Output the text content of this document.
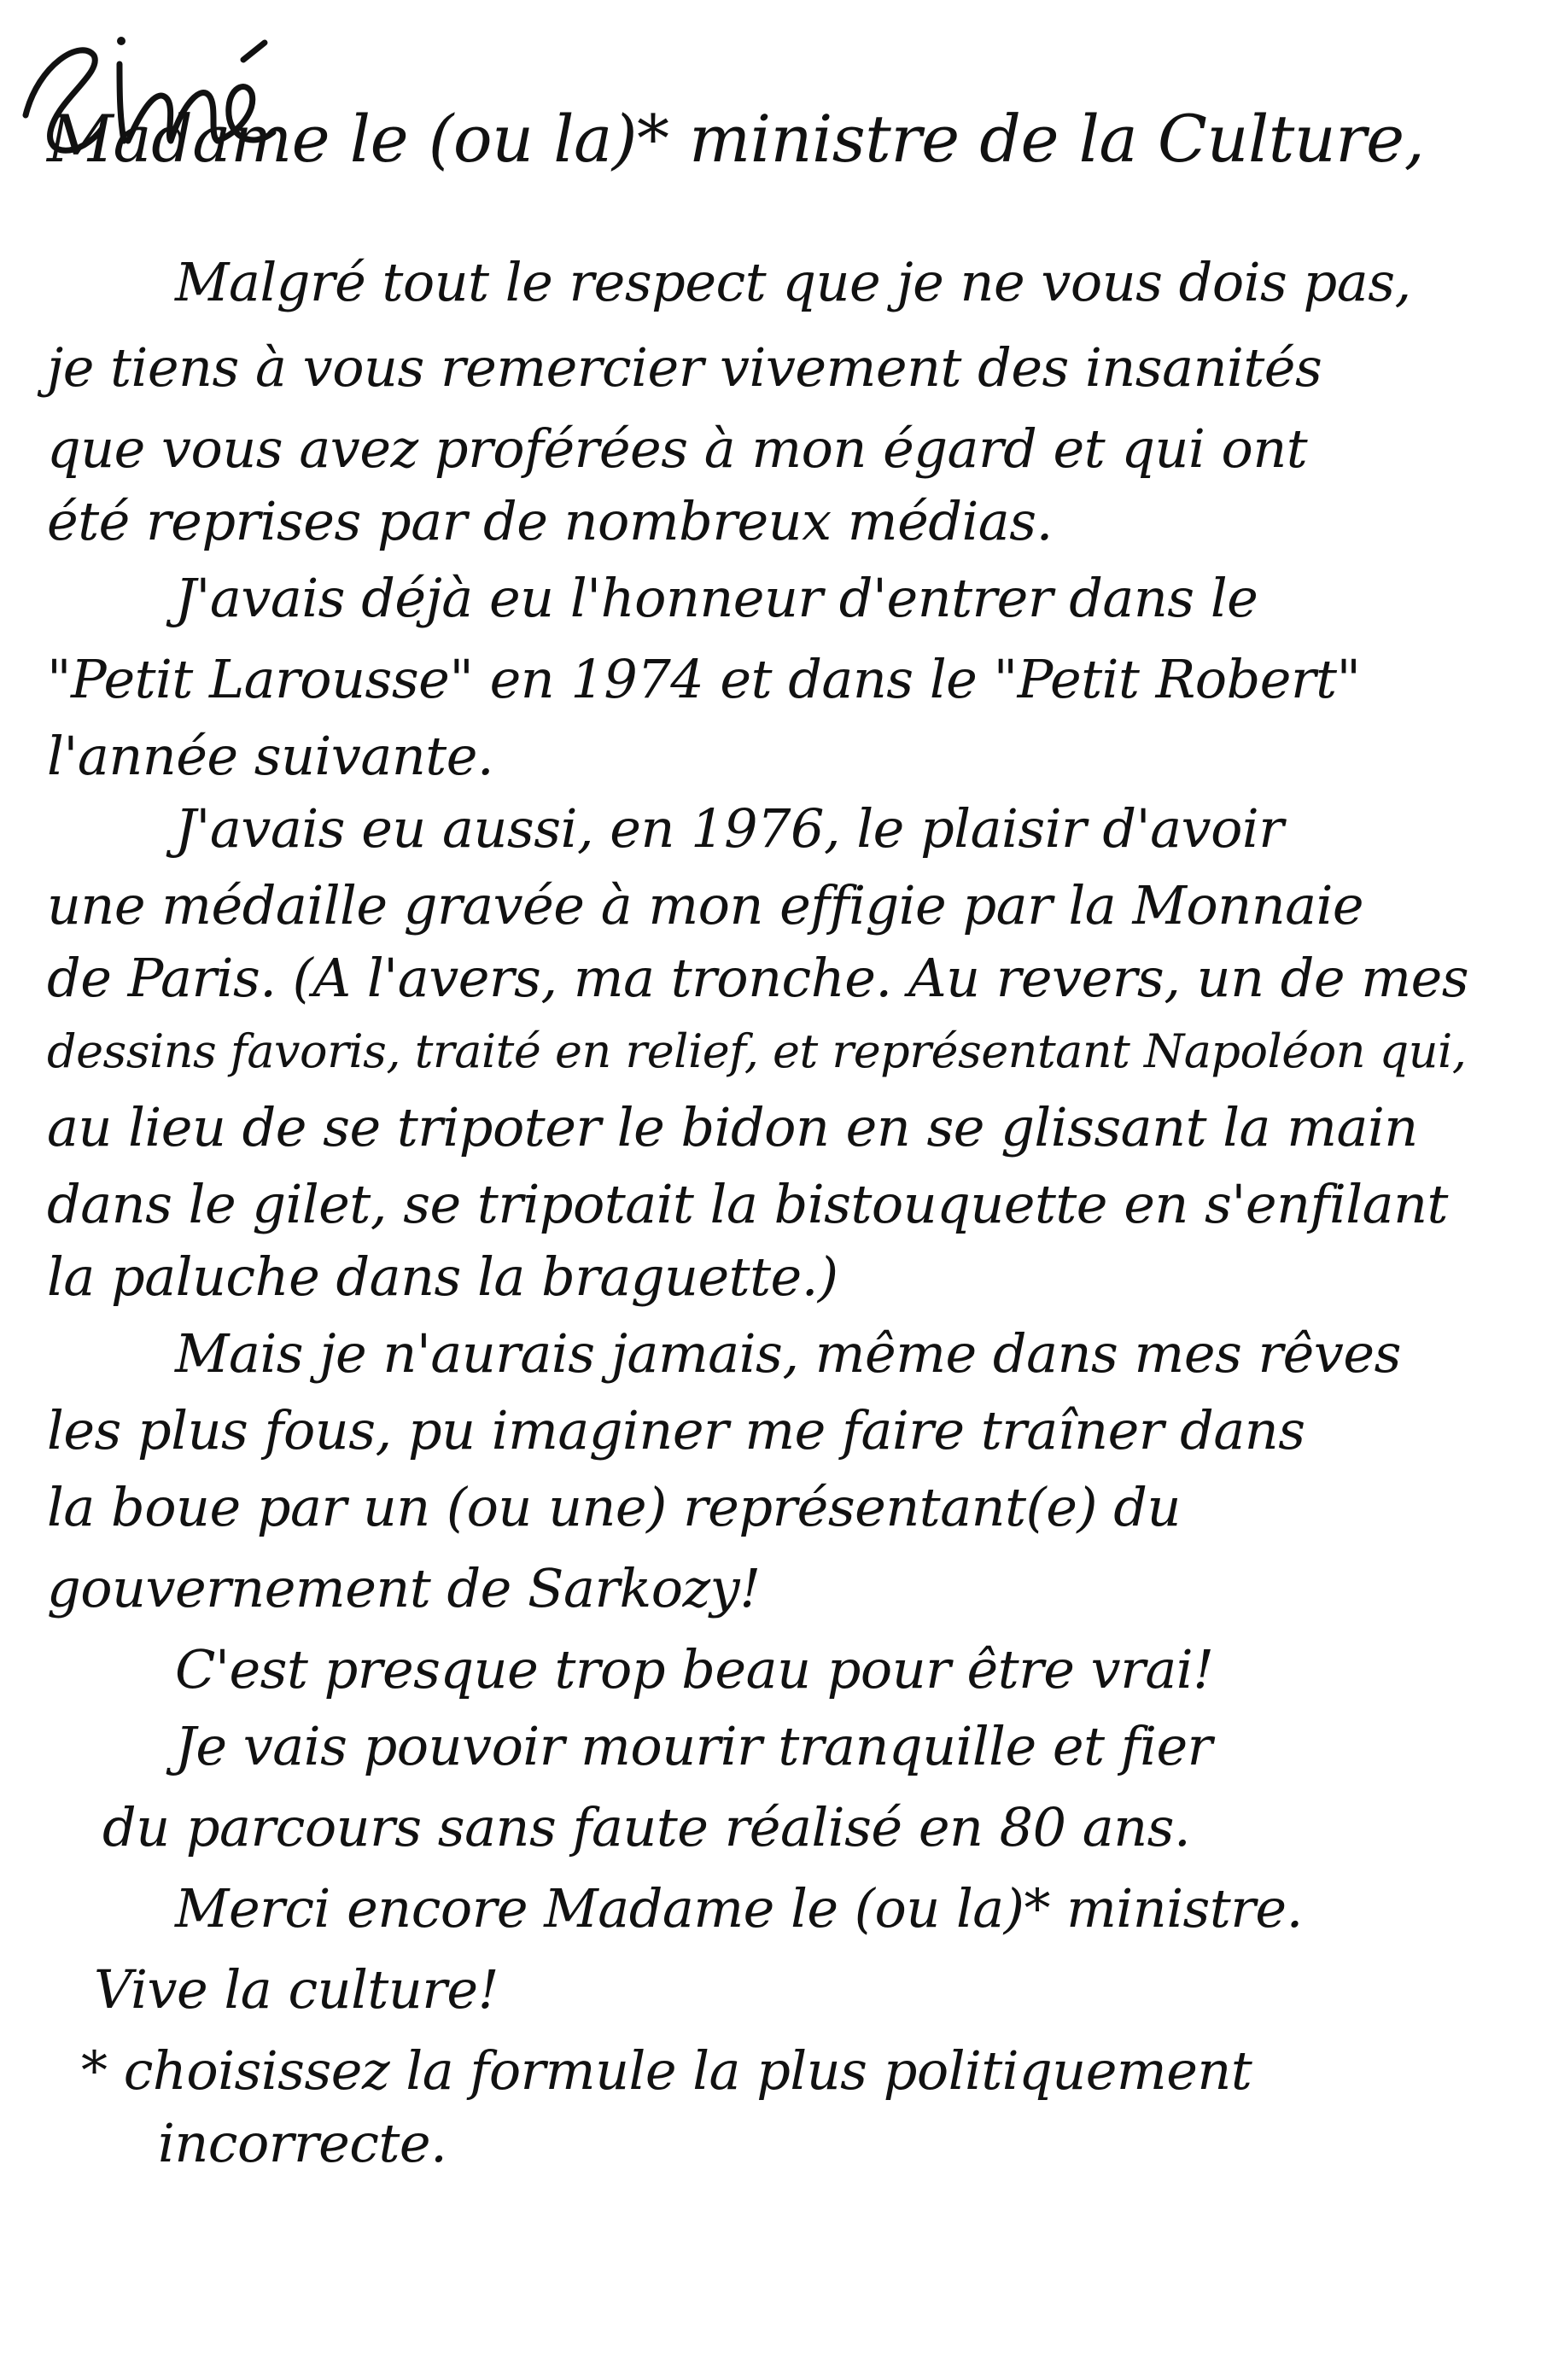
Madame le (ou la)* ministre de la Culture,
Malgré tout le respect que je ne vous dois pas,
je tiens à vous remercier vivement des insanités
que vous avez proférées à mon égard et qui ont
été reprises par de nombreux médias.
J'avais déjà eu l'honneur d'entrer dans le
"Petit Larousse" en 1974 et dans le "Petit Robert"
l'année suivante.
J'avais eu aussi, en 1976, le plaisir d'avoir
une médaille gravée à mon effigie par la Monnaie
de Paris. (A l'avers, ma tronche. Au revers, un de mes
dessins favoris, traité en relief, et représentant Napoléon qui,
au lieu de se tripoter le bidon en se glissant la main
dans le gilet, se tripotait la bistouquette en s'enfilant
la paluche dans la braguette.)
Mais je n'aurais jamais, même dans mes rêves
les plus fous, pu imaginer me faire traîner dans
la boue par un (ou une) représentant(e) du
gouvernement de Sarkozy!
C'est presque trop beau pour être vrai!
Je vais pouvoir mourir tranquille et fier
du parcours sans faute réalisé en 80 ans.
Merci encore Madame le (ou la)* ministre.
Vive la culture!
* choisissez la formule la plus politiquement
incorrecte.
